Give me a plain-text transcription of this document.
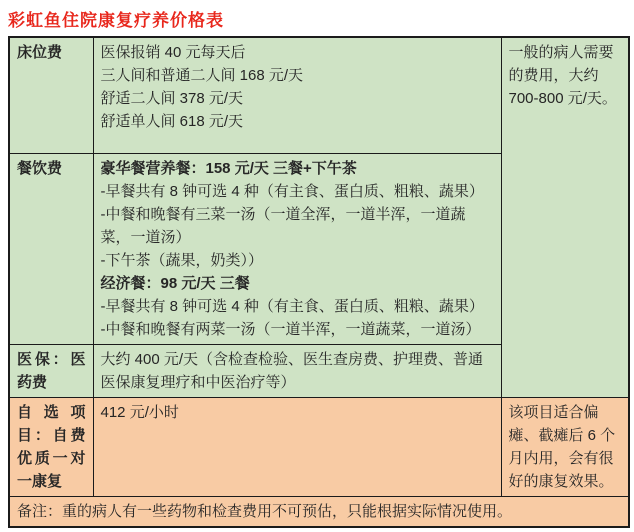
彩虹鱼住院康复疗养价格表
床位费	医保报销 40 元每天后
三人间和普通二人间 168 元/天
舒适二人间 378 元/天
舒适单人间 618 元/天	一般的病人需要的费用，大约 700-800 元/天。
餐饮费	豪华餐营养餐：158 元/天 三餐+下午茶
-早餐共有 8 钟可选 4 种（有主食、蛋白质、粗粮、蔬果）
-中餐和晚餐有三菜一汤（一道全浑，一道半浑，一道蔬菜，一道汤）
-下午茶（蔬果，奶类））
经济餐：98 元/天 三餐
-早餐共有 8 钟可选 4 种（有主食、蛋白质、粗粮、蔬果）
-中餐和晚餐有两菜一汤（一道半浑，一道蔬菜，一道汤）

医保：医药费	大约 400 元/天（含检查检验、医生查房费、护理费、普通医保康复理疗和中医治疗等）	

自选项目：自费优质一对一康复	412 元/小时	该项目适合偏瘫、截瘫后 6 个月内用，会有很好的康复效果。
备注：重的病人有一些药物和检查费用不可预估，只能根据实际情况使用。		
